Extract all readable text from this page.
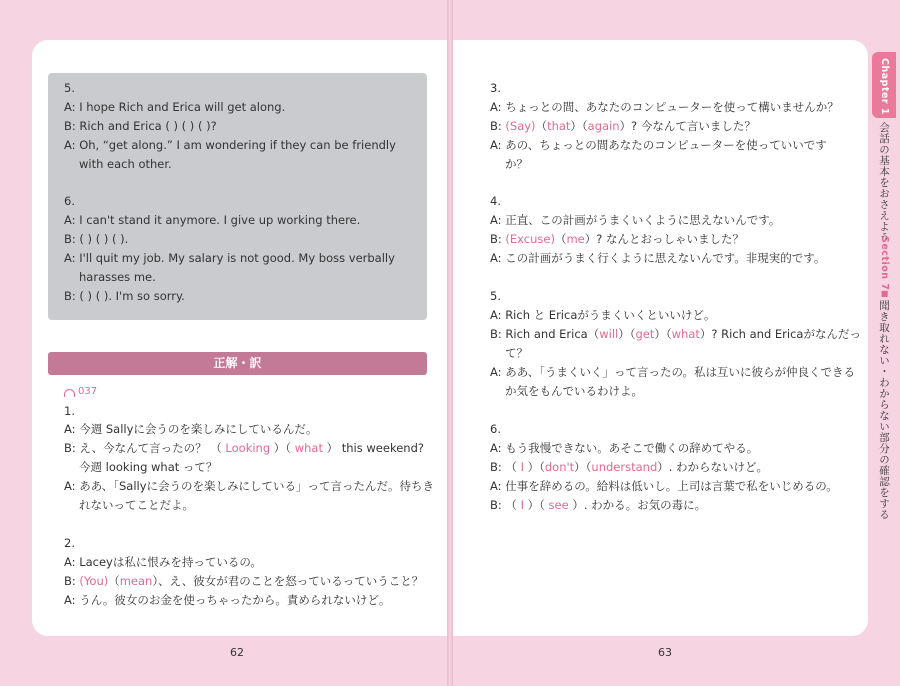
5.
A: I hope Rich and Erica will get along.
B: Rich and Erica ( ) ( ) ( )?
A: Oh, “get along.” I am wondering if they can be friendly
with each other.
6.
A: I can't stand it anymore. I give up working there.
B: ( ) ( ) ( ).
A: I'll quit my job. My salary is not good. My boss verbally
harasses me.
B: ( ) ( ). I'm so sorry.
正解・訳
037
1.
A: 今週 Sallyに会うのを楽しみにしているんだ。
B: え、今なんて言ったの？ （ Looking ）（ what ） this weekend?
今週 looking what って？
A: ああ、「Sallyに会うのを楽しみにしている」って言ったんだ。待ちき
れないってことだよ。
2.
A: Laceyは私に恨みを持っているの。
B: (You)（mean）、え、彼女が君のことを怒っているっていうこと？
A: うん。彼女のお金を使っちゃったから。責められないけど。
3.
A: ちょっとの間、あなたのコンピューターを使って構いませんか？
B: (Say)（that）（again）? 今なんて言いました？
A: あの、ちょっとの間あなたのコンピューターを使っていいです
か？
4.
A: 正直、この計画がうまくいくように思えないんです。
B: (Excuse)（me）? なんとおっしゃいました？
A: この計画がうまく行くように思えないんです。非現実的です。
5.
A: Rich と Ericaがうまくいくといいけど。
B: Rich and Erica（will）（get）（what）? Rich and Ericaがなんだっ
て？
A: ああ、「うまくいく」って言ったの。私は互いに彼らが仲良くできる
か気をもんでいるわけよ。
6.
A: もう我慢できない。あそこで働くの辞めてやる。
B: （ I ）（don't）（understand）. わからないけど。
A: 仕事を辞めるの。給料は低いし。上司は言葉で私をいじめるの。
B: （ I ）（ see ）. わかる。お気の毒に。
62	63
Chapter 1
会話の基本をおさえよう
Section 7
■
聞き取れない・わからない部分の確認をする
